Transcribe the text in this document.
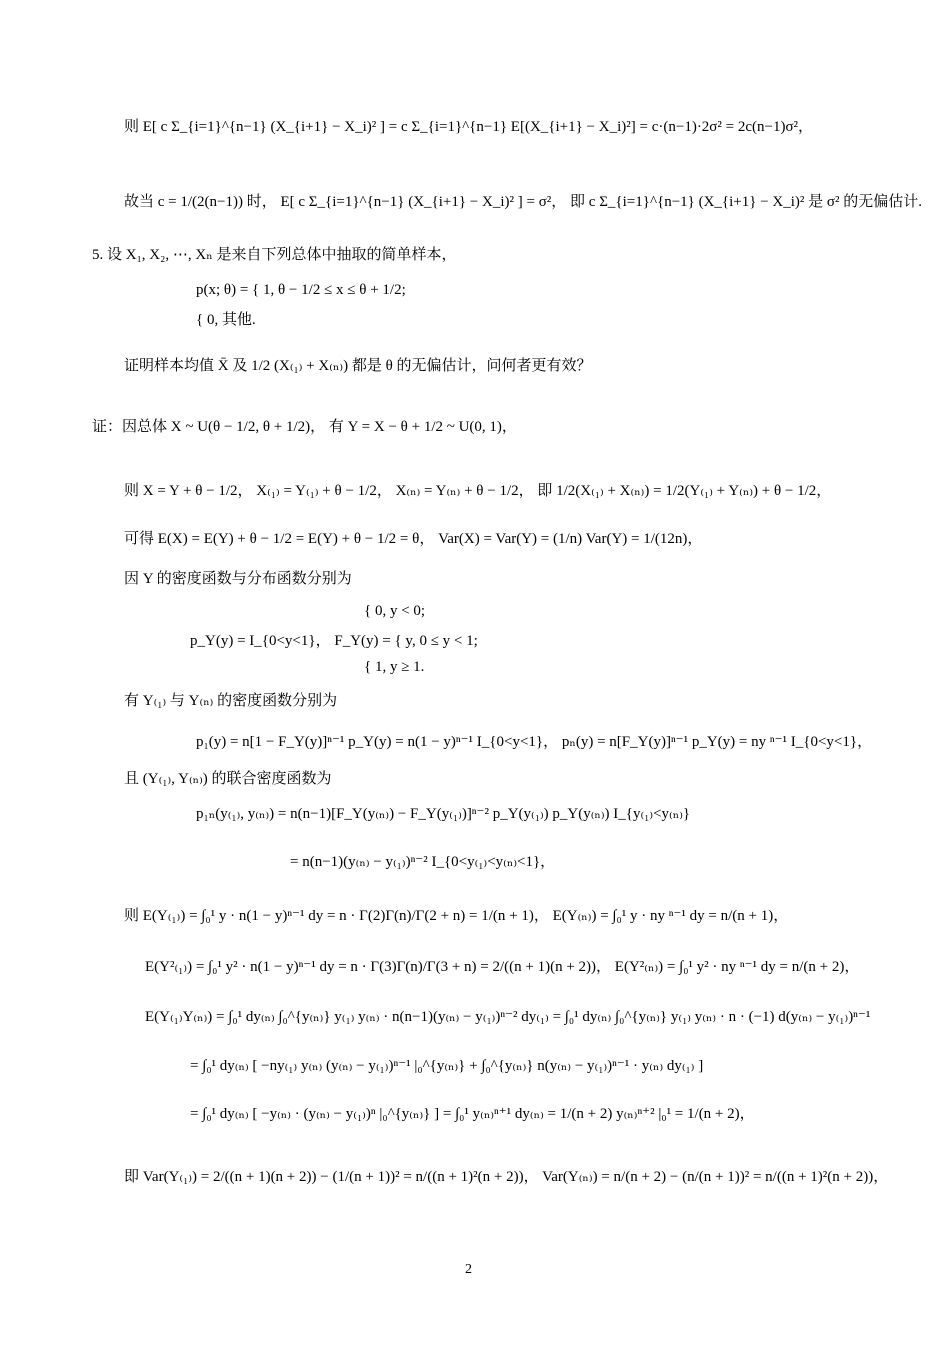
则 E[ c Σ_{i=1}^{n−1} (X_{i+1} − X_i)² ] = c Σ_{i=1}^{n−1} E[(X_{i+1} − X_i)²] = c·(n−1)·2σ² = 2c(n−1)σ²，
故当 c = 1/(2(n−1)) 时， E[ c Σ_{i=1}^{n−1} (X_{i+1} − X_i)² ] = σ²， 即 c Σ_{i=1}^{n−1} (X_{i+1} − X_i)² 是 σ² 的无偏估计.
5. 设 X₁, X₂, ⋯, Xₙ 是来自下列总体中抽取的简单样本，
p(x; θ) = { 1, θ − 1/2 ≤ x ≤ θ + 1/2;
{ 0, 其他.
证明样本均值 X̄ 及 1/2 (X₍₁₎ + X₍ₙ₎) 都是 θ 的无偏估计，问何者更有效？
证：因总体 X ~ U(θ − 1/2, θ + 1/2)， 有 Y = X − θ + 1/2 ~ U(0, 1)，
则 X = Y + θ − 1/2， X₍₁₎ = Y₍₁₎ + θ − 1/2， X₍ₙ₎ = Y₍ₙ₎ + θ − 1/2， 即 1/2(X₍₁₎ + X₍ₙ₎) = 1/2(Y₍₁₎ + Y₍ₙ₎) + θ − 1/2，
可得 E(X) = E(Y) + θ − 1/2 = E(Y) + θ − 1/2 = θ， Var(X) = Var(Y) = (1/n) Var(Y) = 1/(12n)，
因 Y 的密度函数与分布函数分别为
{ 0, y < 0;
p_Y(y) = I_{0<y<1}， F_Y(y) = { y, 0 ≤ y < 1;
{ 1, y ≥ 1.
有 Y₍₁₎ 与 Y₍ₙ₎ 的密度函数分别为
p₁(y) = n[1 − F_Y(y)]ⁿ⁻¹ p_Y(y) = n(1 − y)ⁿ⁻¹ I_{0<y<1}， pₙ(y) = n[F_Y(y)]ⁿ⁻¹ p_Y(y) = ny ⁿ⁻¹ I_{0<y<1}，
且 (Y₍₁₎, Y₍ₙ₎) 的联合密度函数为
p₁ₙ(y₍₁₎, y₍ₙ₎) = n(n−1)[F_Y(y₍ₙ₎) − F_Y(y₍₁₎)]ⁿ⁻² p_Y(y₍₁₎) p_Y(y₍ₙ₎) I_{y₍₁₎<y₍ₙ₎}
= n(n−1)(y₍ₙ₎ − y₍₁₎)ⁿ⁻² I_{0<y₍₁₎<y₍ₙ₎<1}，
则 E(Y₍₁₎) = ∫₀¹ y · n(1 − y)ⁿ⁻¹ dy = n · Γ(2)Γ(n)/Γ(2 + n) = 1/(n + 1)， E(Y₍ₙ₎) = ∫₀¹ y · ny ⁿ⁻¹ dy = n/(n + 1)，
E(Y²₍₁₎) = ∫₀¹ y² · n(1 − y)ⁿ⁻¹ dy = n · Γ(3)Γ(n)/Γ(3 + n) = 2/((n + 1)(n + 2))， E(Y²₍ₙ₎) = ∫₀¹ y² · ny ⁿ⁻¹ dy = n/(n + 2)，
E(Y₍₁₎Y₍ₙ₎) = ∫₀¹ dy₍ₙ₎ ∫₀^{y₍ₙ₎} y₍₁₎ y₍ₙ₎ · n(n−1)(y₍ₙ₎ − y₍₁₎)ⁿ⁻² dy₍₁₎ = ∫₀¹ dy₍ₙ₎ ∫₀^{y₍ₙ₎} y₍₁₎ y₍ₙ₎ · n · (−1) d(y₍ₙ₎ − y₍₁₎)ⁿ⁻¹
= ∫₀¹ dy₍ₙ₎ [ −ny₍₁₎ y₍ₙ₎ (y₍ₙ₎ − y₍₁₎)ⁿ⁻¹ |₀^{y₍ₙ₎} + ∫₀^{y₍ₙ₎} n(y₍ₙ₎ − y₍₁₎)ⁿ⁻¹ · y₍ₙ₎ dy₍₁₎ ]
= ∫₀¹ dy₍ₙ₎ [ −y₍ₙ₎ · (y₍ₙ₎ − y₍₁₎)ⁿ |₀^{y₍ₙ₎} ] = ∫₀¹ y₍ₙ₎ⁿ⁺¹ dy₍ₙ₎ = 1/(n + 2) y₍ₙ₎ⁿ⁺² |₀¹ = 1/(n + 2)，
即 Var(Y₍₁₎) = 2/((n + 1)(n + 2)) − (1/(n + 1))² = n/((n + 1)²(n + 2))， Var(Y₍ₙ₎) = n/(n + 2) − (n/(n + 1))² = n/((n + 1)²(n + 2))，
2
